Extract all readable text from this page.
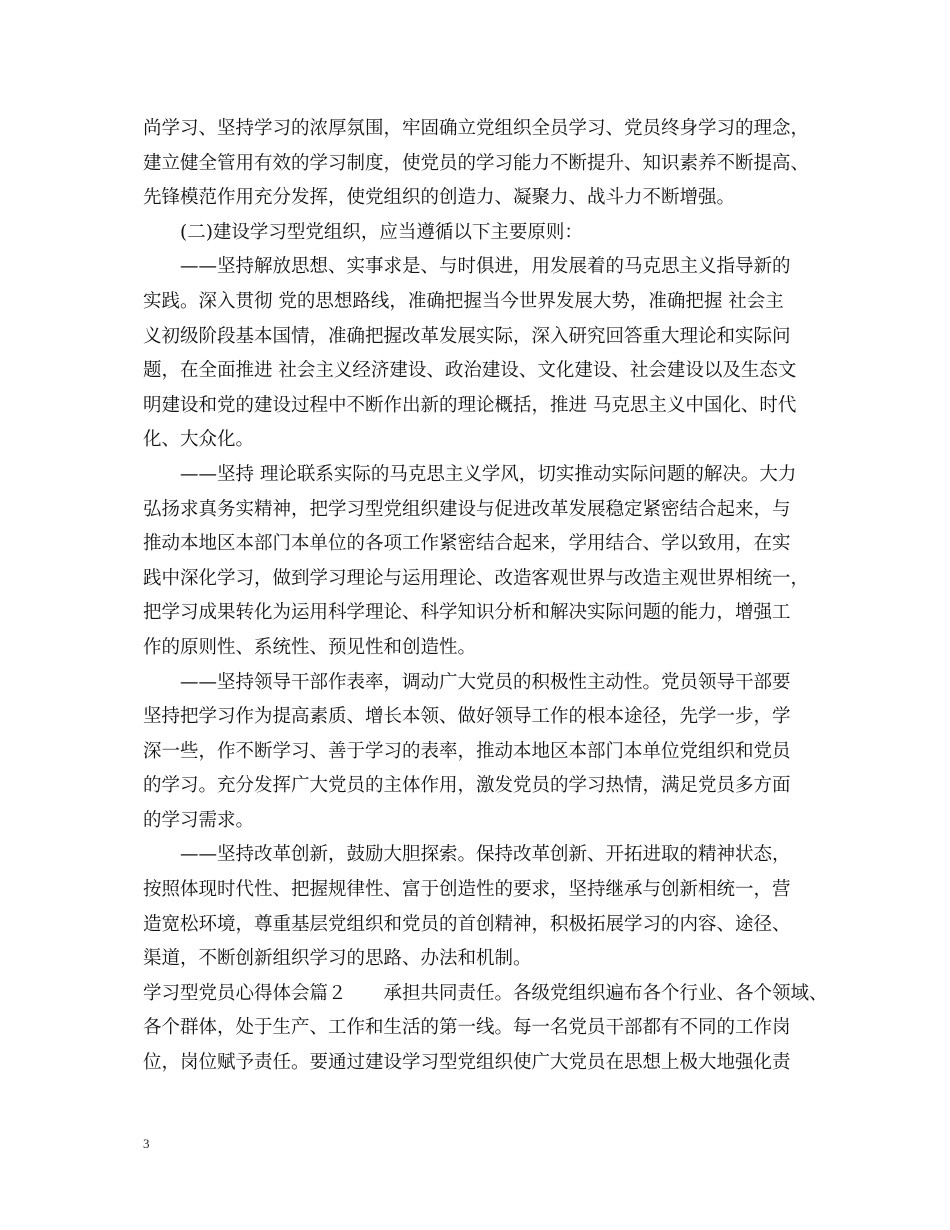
尚学习、坚持学习的浓厚氛围，牢固确立党组织全员学习、党员终身学习的理念，
建立健全管用有效的学习制度，使党员的学习能力不断提升、知识素养不断提高、
先锋模范作用充分发挥，使党组织的创造力、凝聚力、战斗力不断增强。
(二)建设学习型党组织，应当遵循以下主要原则：
——坚持解放思想、实事求是、与时俱进，用发展着的马克思主义指导新的
实践。深入贯彻 党的思想路线，准确把握当今世界发展大势，准确把握 社会主
义初级阶段基本国情，准确把握改革发展实际，深入研究回答重大理论和实际问
题，在全面推进 社会主义经济建设、政治建设、文化建设、社会建设以及生态文
明建设和党的建设过程中不断作出新的理论概括，推进 马克思主义中国化、时代
化、大众化。
——坚持 理论联系实际的马克思主义学风，切实推动实际问题的解决。大力
弘扬求真务实精神，把学习型党组织建设与促进改革发展稳定紧密结合起来，与
推动本地区本部门本单位的各项工作紧密结合起来，学用结合、学以致用，在实
践中深化学习，做到学习理论与运用理论、改造客观世界与改造主观世界相统一，
把学习成果转化为运用科学理论、科学知识分析和解决实际问题的能力，增强工
作的原则性、系统性、预见性和创造性。
——坚持领导干部作表率，调动广大党员的积极性主动性。党员领导干部要
坚持把学习作为提高素质、增长本领、做好领导工作的根本途径，先学一步，学
深一些，作不断学习、善于学习的表率，推动本地区本部门本单位党组织和党员
的学习。充分发挥广大党员的主体作用，激发党员的学习热情，满足党员多方面
的学习需求。
——坚持改革创新，鼓励大胆探索。保持改革创新、开拓进取的精神状态，
按照体现时代性、把握规律性、富于创造性的要求，坚持继承与创新相统一，营
造宽松环境，尊重基层党组织和党员的首创精神，积极拓展学习的内容、途径、
渠道，不断创新组织学习的思路、办法和机制。
学习型党员心得体会篇２　　承担共同责任。各级党组织遍布各个行业、各个领域、
各个群体，处于生产、工作和生活的第一线。每一名党员干部都有不同的工作岗
位，岗位赋予责任。要通过建设学习型党组织使广大党员在思想上极大地强化责
3
